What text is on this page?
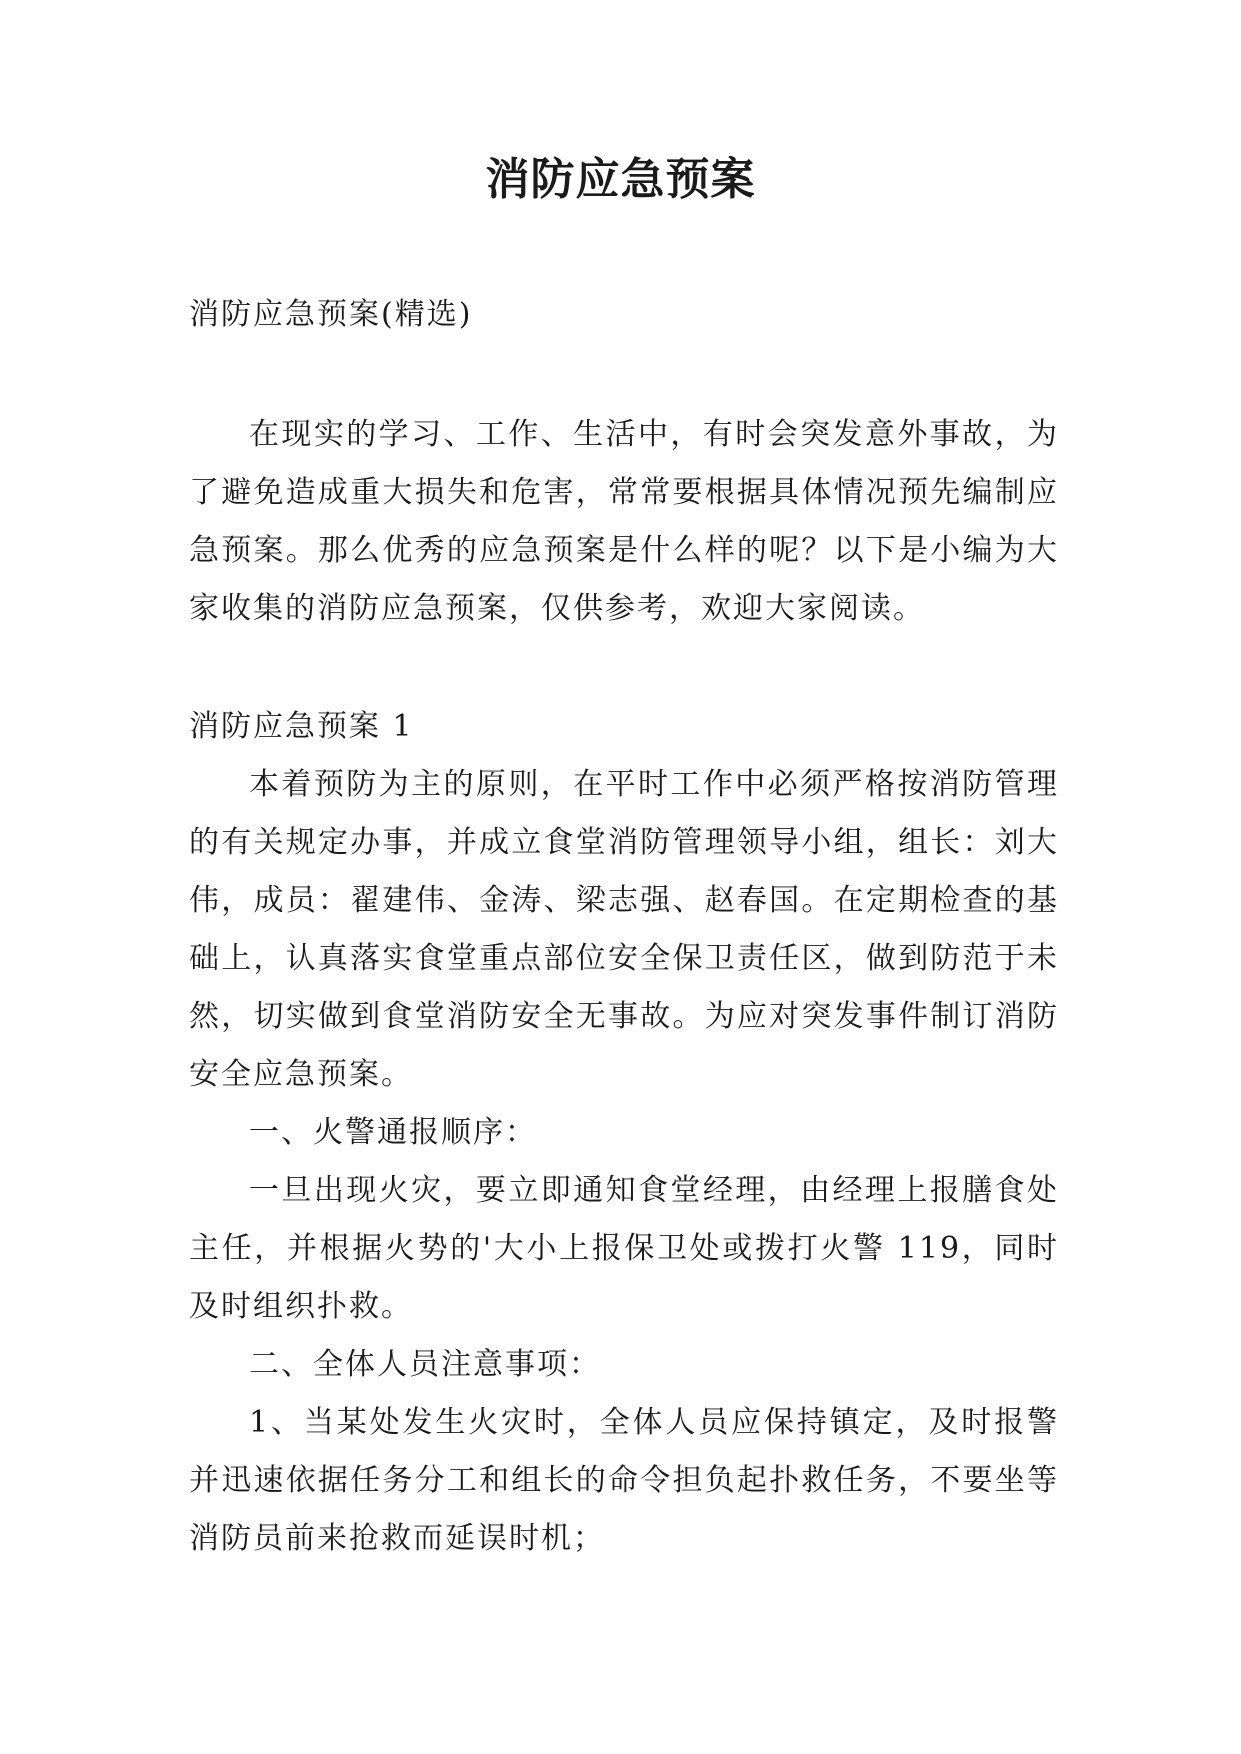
消防应急预案

消防应急预案(精选)

在现实的学习、工作、生活中，有时会突发意外事故，为了避免造成重大损失和危害，常常要根据具体情况预先编制应急预案。那么优秀的应急预案是什么样的呢？以下是小编为大家收集的消防应急预案，仅供参考，欢迎大家阅读。

消防应急预案 1

本着预防为主的原则，在平时工作中必须严格按消防管理的有关规定办事，并成立食堂消防管理领导小组，组长：刘大伟，成员：翟建伟、金涛、梁志强、赵春国。在定期检查的基础上，认真落实食堂重点部位安全保卫责任区，做到防范于未然，切实做到食堂消防安全无事故。为应对突发事件制订消防安全应急预案。

一、火警通报顺序：

一旦出现火灾，要立即通知食堂经理，由经理上报膳食处主任，并根据火势的'大小上报保卫处或拨打火警 119，同时及时组织扑救。

二、全体人员注意事项：

1、当某处发生火灾时，全体人员应保持镇定，及时报警并迅速依据任务分工和组长的命令担负起扑救任务，不要坐等消防员前来抢救而延误时机；
